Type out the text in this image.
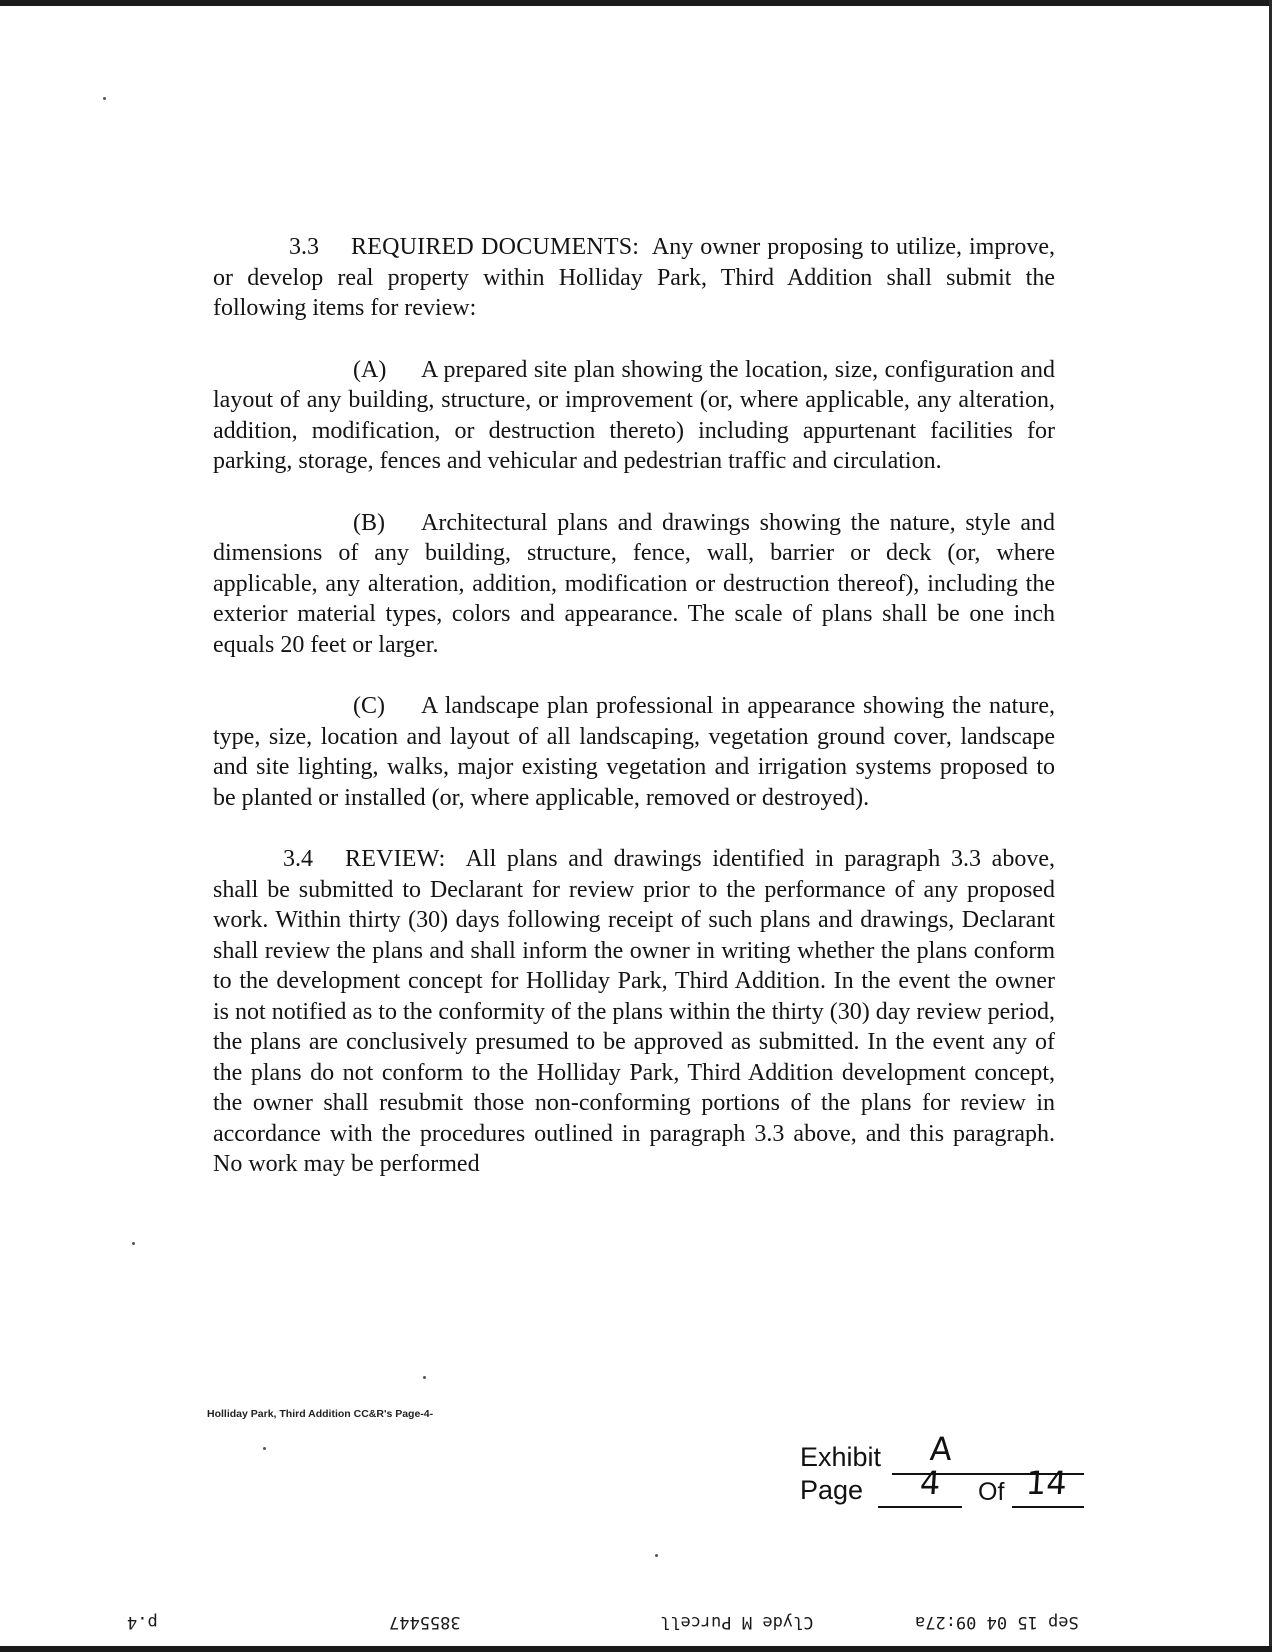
3.3 REQUIRED DOCUMENTS: Any owner proposing to utilize, improve, or develop real property within Holliday Park, Third Addition shall submit the following items for review:

(A) A prepared site plan showing the location, size, configuration and layout of any building, structure, or improvement (or, where applicable, any alteration, addition, modification, or destruction thereto) including appurtenant facilities for parking, storage, fences and vehicular and pedestrian traffic and circulation.

(B) Architectural plans and drawings showing the nature, style and dimensions of any building, structure, fence, wall, barrier or deck (or, where applicable, any alteration, addition, modification or destruction thereof), including the exterior material types, colors and appearance. The scale of plans shall be one inch equals 20 feet or larger.

(C) A landscape plan professional in appearance showing the nature, type, size, location and layout of all landscaping, vegetation ground cover, landscape and site lighting, walks, major existing vegetation and irrigation systems proposed to be planted or installed (or, where applicable, removed or destroyed).

3.4 REVIEW: All plans and drawings identified in paragraph 3.3 above, shall be submitted to Declarant for review prior to the performance of any proposed work. Within thirty (30) days following receipt of such plans and drawings, Declarant shall review the plans and shall inform the owner in writing whether the plans conform to the development concept for Holliday Park, Third Addition. In the event the owner is not notified as to the conformity of the plans within the thirty (30) day review period, the plans are conclusively presumed to be approved as submitted. In the event any of the plans do not conform to the Holliday Park, Third Addition development concept, the owner shall resubmit those non-conforming portions of the plans for review in accordance with the procedures outlined in paragraph 3.3 above, and this paragraph. No work may be performed

Holliday Park, Third Addition CC&R's Page-4-
Exhibit A
Page 4 Of 14
p.4	3855447	Clyde M Purcell	Sep 15 04 09:27a
